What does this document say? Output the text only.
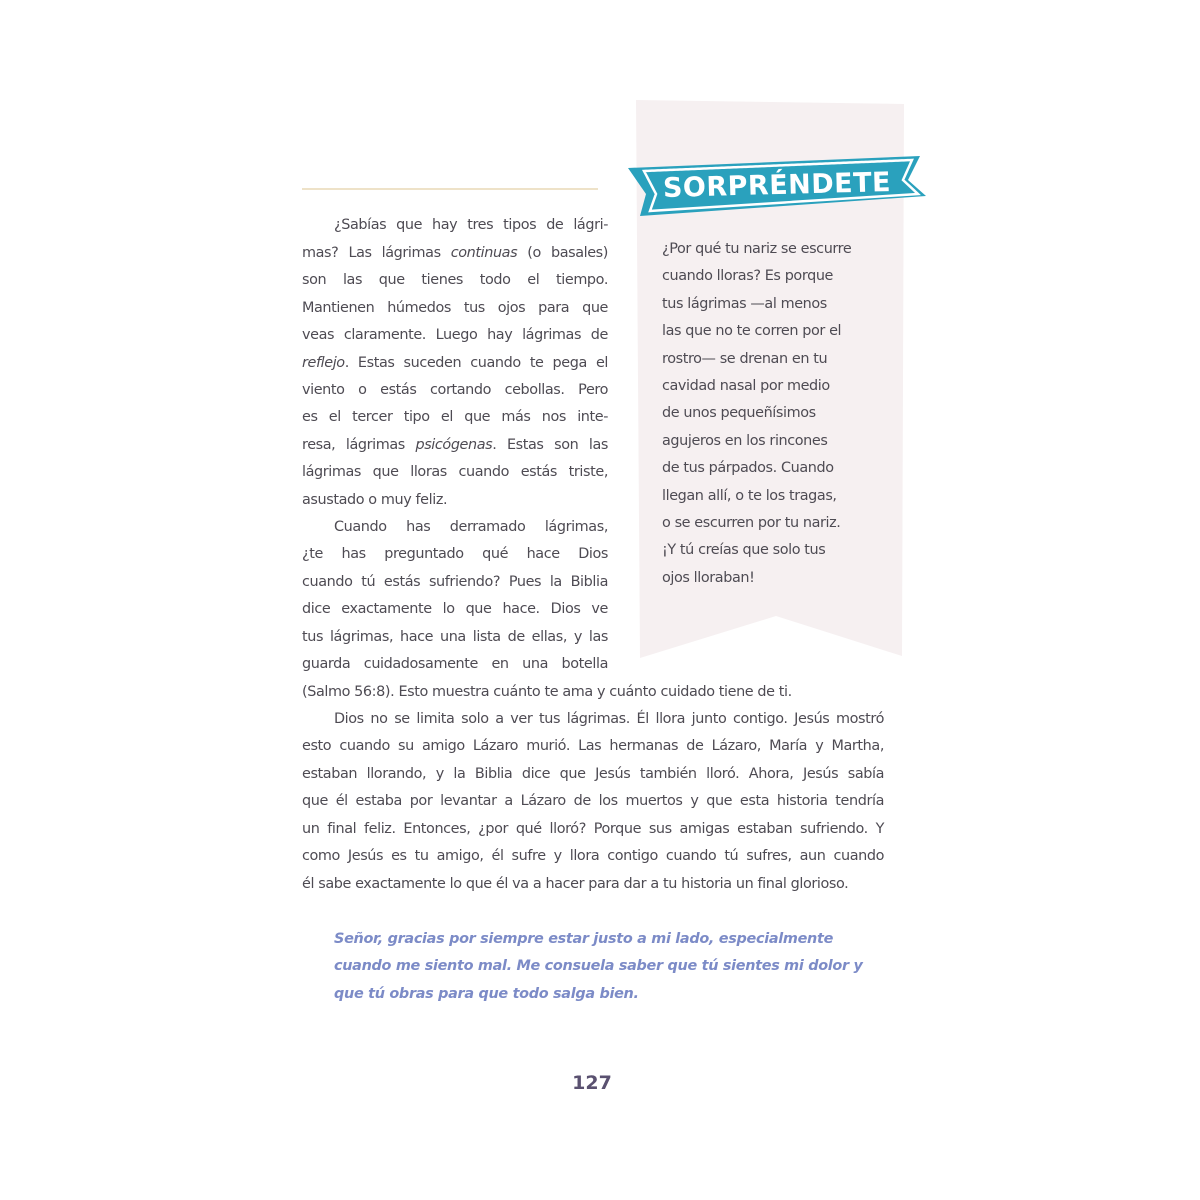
SORPRÉNDETE
¿Por qué tu nariz se escurre
cuando lloras? Es porque
tus lágrimas —al menos
las que no te corren por el
rostro— se drenan en tu
cavidad nasal por medio
de unos pequeñísimos
agujeros en los rincones
de tus párpados. Cuando
llegan allí, o te los tragas,
o se escurren por tu nariz.
¡Y tú creías que solo tus
ojos lloraban!
¿Sabías que hay tres tipos de lágri-
mas? Las lágrimas continuas (o basales)
son las que tienes todo el tiempo.
Mantienen húmedos tus ojos para que
veas claramente. Luego hay lágrimas de
reflejo. Estas suceden cuando te pega el
viento o estás cortando cebollas. Pero
es el tercer tipo el que más nos inte-
resa, lágrimas psicógenas. Estas son las
lágrimas que lloras cuando estás triste,
asustado o muy feliz.
Cuando has derramado lágrimas,
¿te has preguntado qué hace Dios
cuando tú estás sufriendo? Pues la Biblia
dice exactamente lo que hace. Dios ve
tus lágrimas, hace una lista de ellas, y las
guarda cuidadosamente en una botella
(Salmo 56:8). Esto muestra cuánto te ama y cuánto cuidado tiene de ti.
Dios no se limita solo a ver tus lágrimas. Él llora junto contigo. Jesús mostró
esto cuando su amigo Lázaro murió. Las hermanas de Lázaro, María y Martha,
estaban llorando, y la Biblia dice que Jesús también lloró. Ahora, Jesús sabía
que él estaba por levantar a Lázaro de los muertos y que esta historia tendría
un final feliz. Entonces, ¿por qué lloró? Porque sus amigas estaban sufriendo. Y
como Jesús es tu amigo, él sufre y llora contigo cuando tú sufres, aun cuando
él sabe exactamente lo que él va a hacer para dar a tu historia un final glorioso.
Señor, gracias por siempre estar justo a mi lado, especialmente
cuando me siento mal. Me consuela saber que tú sientes mi dolor y
que tú obras para que todo salga bien.
127
